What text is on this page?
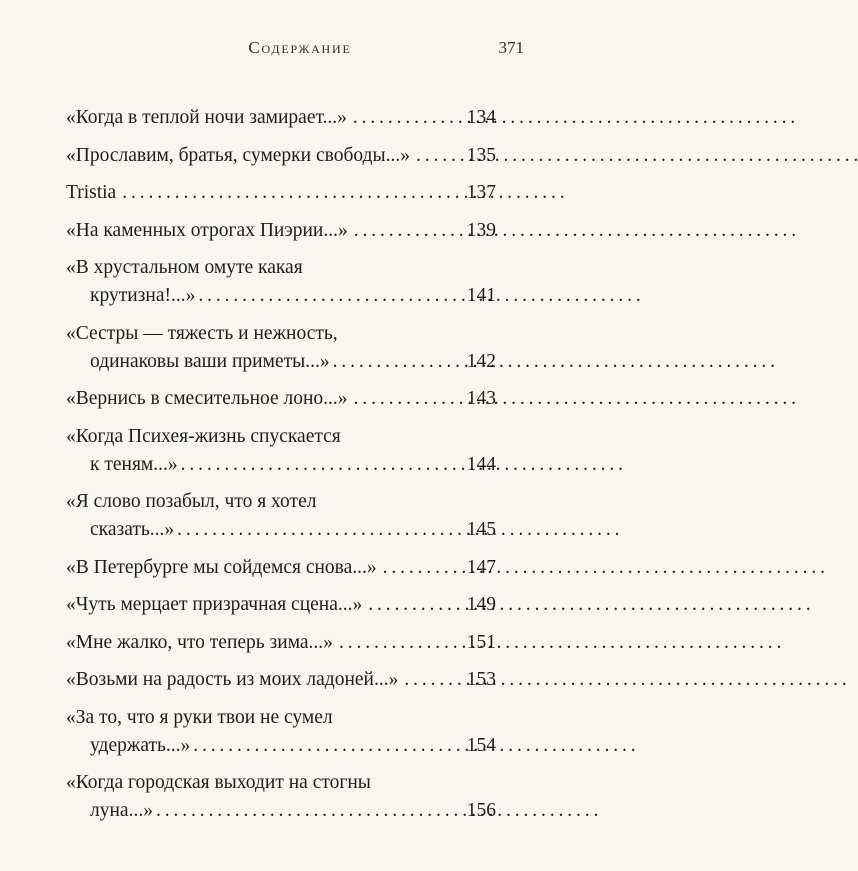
Содержание	371
«Когда в теплой ночи замирает...» . . .	134
«Прославим, братья, сумерки свободы...» . . .	135
Tristia . . .	137
«На каменных отрогах Пиэрии...» . . .	139
«В хрустальном омуте какая
крутизна!...» . . .	141
«Сестры — тяжесть и нежность,
одинаковы ваши приметы...» . . .	142
«Вернись в смесительное лоно...» . . .	143
«Когда Психея-жизнь спускается
к теням...» . . .	144
«Я слово позабыл, что я хотел
сказать...» . . .	145
«В Петербурге мы сойдемся снова...» . . .	147
«Чуть мерцает призрачная сцена...» . . .	149
«Мне жалко, что теперь зима...» . . .	151
«Возьми на радость из моих ладоней...» . . .	153
«За то, что я руки твои не сумел
удержать...» . . .	154
«Когда городская выходит на стогны
луна...» . . .	156
